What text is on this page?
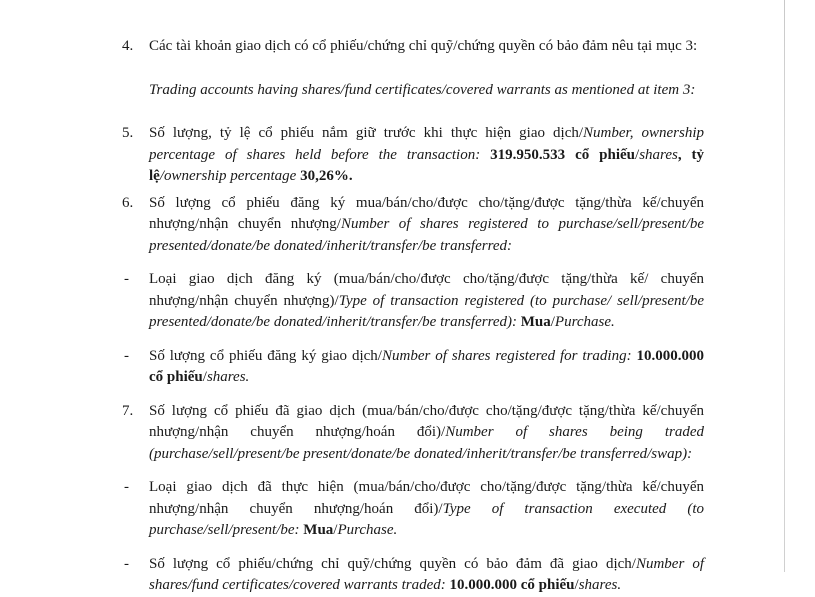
4.	Các tài khoản giao dịch có cổ phiếu/chứng chỉ quỹ/chứng quyền có bảo đảm nêu tại mục 3:
Trading accounts having shares/fund certificates/covered warrants as mentioned at item 3:
5.	Số lượng, tỷ lệ cổ phiếu nắm giữ trước khi thực hiện giao dịch/Number, ownership percentage of shares held before the transaction: 319.950.533 cổ phiếu/shares, tỷ lệ/ownership percentage 30,26%.
6.	Số lượng cổ phiếu đăng ký mua/bán/cho/được cho/tặng/được tặng/thừa kế/chuyển nhượng/nhận chuyển nhượng/Number of shares registered to purchase/sell/present/be presented/donate/be donated/inherit/transfer/be transferred:
-	Loại giao dịch đăng ký (mua/bán/cho/được cho/tặng/được tặng/thừa kế/ chuyển nhượng/nhận chuyển nhượng)/Type of transaction registered (to purchase/ sell/present/be presented/donate/be donated/inherit/transfer/be transferred): Mua/Purchase.
-	Số lượng cổ phiếu đăng ký giao dịch/Number of shares registered for trading: 10.000.000 cổ phiếu/shares.
7.	Số lượng cổ phiếu đã giao dịch (mua/bán/cho/được cho/tặng/được tặng/thừa kế/chuyển nhượng/nhận chuyển nhượng/hoán đổi)/Number of shares being traded (purchase/sell/present/be present/donate/be donated/inherit/transfer/be transferred/swap):
-	Loại giao dịch đã thực hiện (mua/bán/cho/được cho/tặng/được tặng/thừa kế/chuyển nhượng/nhận chuyển nhượng/hoán đổi)/Type of transaction executed (to purchase/sell/present/be: Mua/Purchase.
-	Số lượng cổ phiếu/chứng chỉ quỹ/chứng quyền có bảo đảm đã giao dịch/Number of shares/fund certificates/covered warrants traded: 10.000.000 cổ phiếu/shares.
